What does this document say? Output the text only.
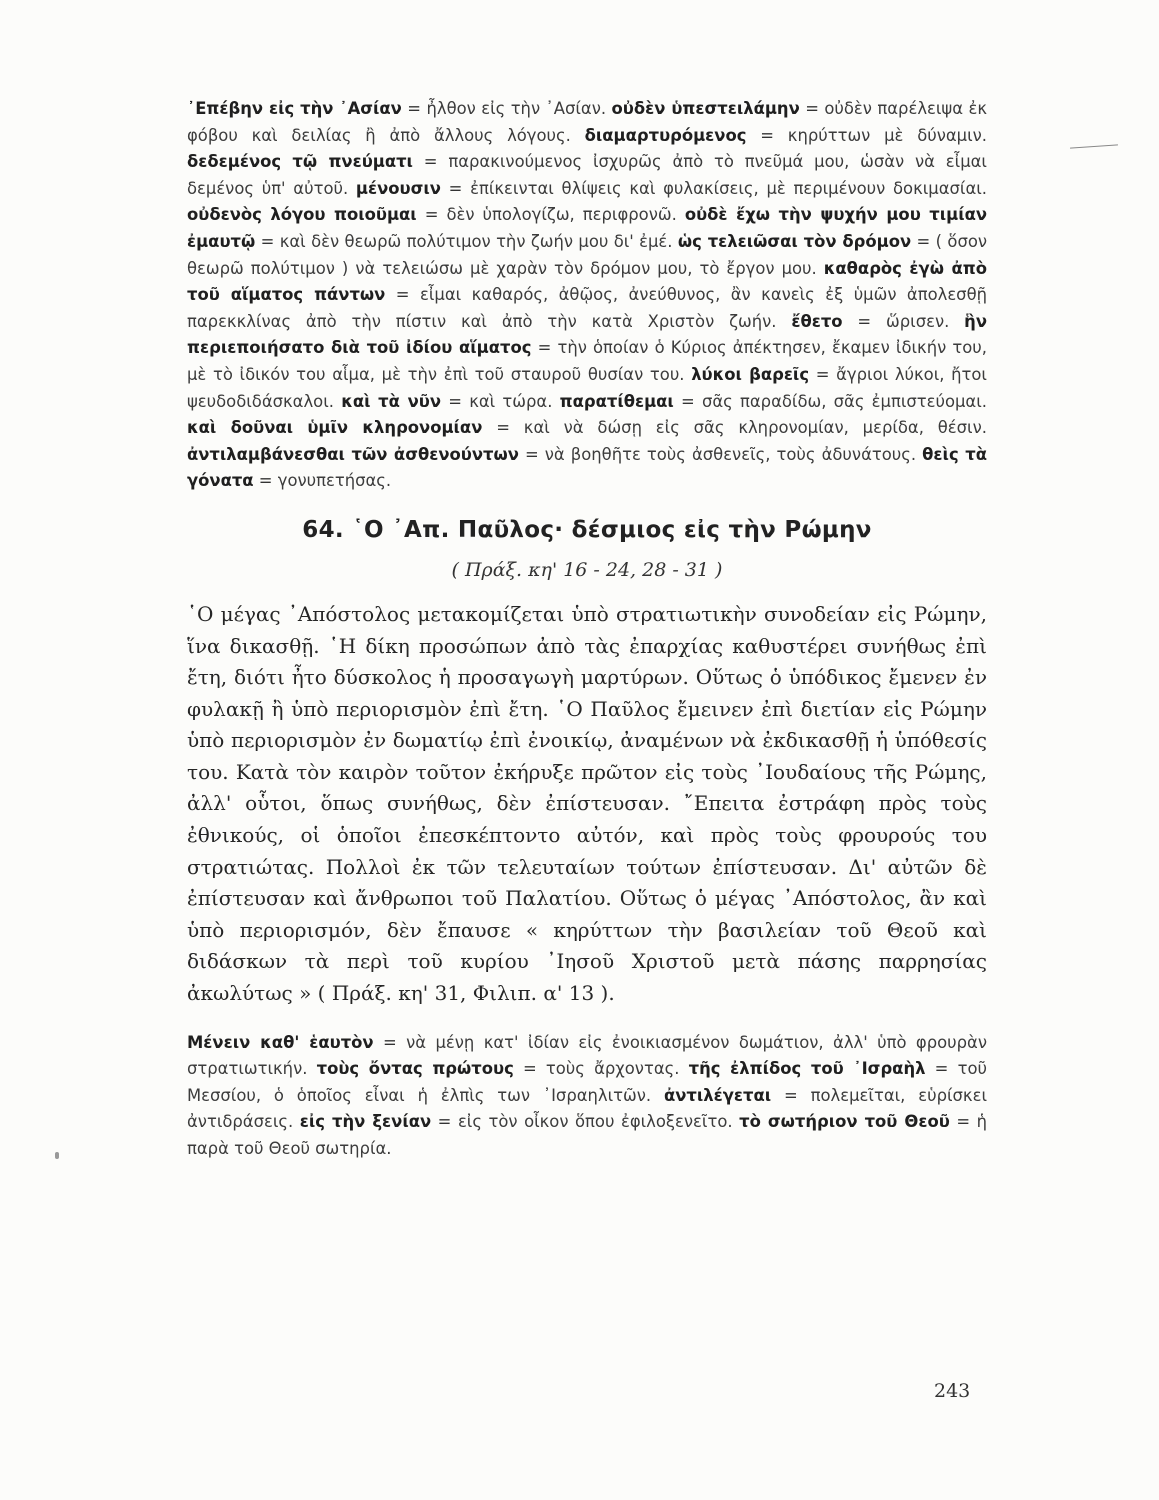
᾿Επέβην εἰς τὴν ᾿Ασίαν = ἦλθον εἰς τὴν ᾿Ασίαν. οὐδὲν ὑπεστειλάμην = οὐδὲν παρέλειψα ἐκ φόβου καὶ δειλίας ἢ ἀπὸ ἄλλους λόγους. διαμαρτυρόμενος = κηρύττων μὲ δύναμιν. δεδεμένος τῷ πνεύματι = παρακινούμενος ἰσχυρῶς ἀπὸ τὸ πνεῦμά μου, ὡσὰν νὰ εἶμαι δεμένος ὑπ' αὐτοῦ. μένουσιν = ἐπίκεινται θλίψεις καὶ φυλακίσεις, μὲ περιμένουν δοκιμασίαι. οὐδενὸς λόγου ποιοῦμαι = δὲν ὑπολογίζω, περιφρονῶ. οὐδὲ ἔχω τὴν ψυχήν μου τιμίαν ἐμαυτῷ = καὶ δὲν θεωρῶ πολύτιμον τὴν ζωήν μου δι' ἐμέ. ὡς τελειῶσαι τὸν δρόμον = ( ὅσον θεωρῶ πολύτιμον ) νὰ τελειώσω μὲ χαρὰν τὸν δρόμον μου, τὸ ἔργον μου. καθαρὸς ἐγὼ ἀπὸ τοῦ αἵματος πάντων = εἶμαι καθαρός, ἀθῷος, ἀνεύθυνος, ἂν κανεὶς ἐξ ὑμῶν ἀπολεσθῇ παρεκκλίνας ἀπὸ τὴν πίστιν καὶ ἀπὸ τὴν κατὰ Χριστὸν ζωήν. ἔθετο = ὥρισεν. ἣν περιεποιήσατο διὰ τοῦ ἰδίου αἵματος = τὴν ὁποίαν ὁ Κύριος ἀπέκτησεν, ἔκαμεν ἰδικήν του, μὲ τὸ ἰδικόν του αἷμα, μὲ τὴν ἐπὶ τοῦ σταυροῦ θυσίαν του. λύκοι βαρεῖς = ἄγριοι λύκοι, ἤτοι ψευδοδιδάσκαλοι. καὶ τὰ νῦν = καὶ τώρα. παρατίθεμαι = σᾶς παραδίδω, σᾶς ἐμπιστεύομαι. καὶ δοῦναι ὑμῖν κληρονομίαν = καὶ νὰ δώσῃ εἰς σᾶς κληρονομίαν, μερίδα, θέσιν. ἀντιλαμβάνεσθαι τῶν ἀσθενούντων = νὰ βοηθῆτε τοὺς ἀσθενεῖς, τοὺς ἀδυνάτους. θεὶς τὰ γόνατα = γονυπετήσας.

64. ῾Ο ᾿Απ. Παῦλος· δέσμιος εἰς τὴν Ρώμην
( Πράξ. κη' 16 - 24, 28 - 31 )

῾Ο μέγας ᾿Απόστολος μετακομίζεται ὑπὸ στρατιωτικὴν συνοδείαν εἰς Ρώμην, ἵνα δικασθῇ. ῾Η δίκη προσώπων ἀπὸ τὰς ἐπαρχίας καθυστέρει συνήθως ἐπὶ ἔτη, διότι ἦτο δύσκολος ἡ προσαγωγὴ μαρτύρων. Οὕτως ὁ ὑπόδικος ἔμενεν ἐν φυλακῇ ἢ ὑπὸ περιορισμὸν ἐπὶ ἔτη. ῾Ο Παῦλος ἔμεινεν ἐπὶ διετίαν εἰς Ρώμην ὑπὸ περιορισμὸν ἐν δωματίῳ ἐπὶ ἐνοικίῳ, ἀναμένων νὰ ἐκδικασθῇ ἡ ὑπόθεσίς του. Κατὰ τὸν καιρὸν τοῦτον ἐκήρυξε πρῶτον εἰς τοὺς ᾿Ιουδαίους τῆς Ρώμης, ἀλλ' οὗτοι, ὅπως συνήθως, δὲν ἐπίστευσαν. ῎Επειτα ἐστράφη πρὸς τοὺς ἐθνικούς, οἱ ὁποῖοι ἐπεσκέπτοντο αὐτόν, καὶ πρὸς τοὺς φρουρούς του στρατιώτας. Πολλοὶ ἐκ τῶν τελευταίων τούτων ἐπίστευσαν. Δι' αὐτῶν δὲ ἐπίστευσαν καὶ ἄνθρωποι τοῦ Παλατίου. Οὕτως ὁ μέγας ᾿Απόστολος, ἂν καὶ ὑπὸ περιορισμόν, δὲν ἔπαυσε « κηρύττων τὴν βασιλείαν τοῦ Θεοῦ καὶ διδάσκων τὰ περὶ τοῦ κυρίου ᾿Ιησοῦ Χριστοῦ μετὰ πάσης παρρησίας ἀκωλύτως » ( Πράξ. κη' 31, Φιλιπ. α' 13 ).

Μένειν καθ' ἑαυτὸν = νὰ μένῃ κατ' ἰδίαν εἰς ἐνοικιασμένον δωμάτιον, ἀλλ' ὑπὸ φρουρὰν στρατιωτικήν. τοὺς ὄντας πρώτους = τοὺς ἄρχοντας. τῆς ἐλπίδος τοῦ ᾿Ισραὴλ = τοῦ Μεσσίου, ὁ ὁποῖος εἶναι ἡ ἐλπὶς των ᾿Ισραηλιτῶν. ἀντιλέγεται = πολεμεῖται, εὑρίσκει ἀντιδράσεις. εἰς τὴν ξενίαν = εἰς τὸν οἶκον ὅπου ἐφιλοξενεῖτο. τὸ σωτήριον τοῦ Θεοῦ = ἡ παρὰ τοῦ Θεοῦ σωτηρία.

243
